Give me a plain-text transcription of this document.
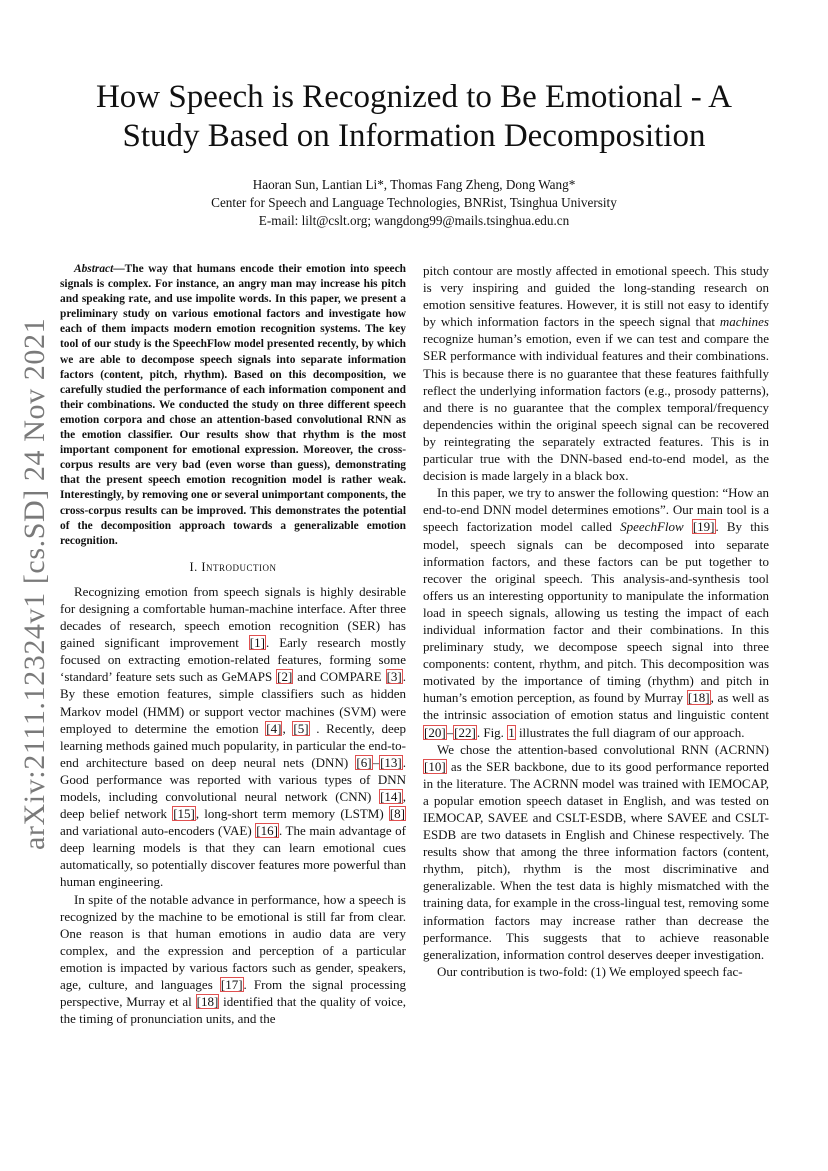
arXiv:2111.12324v1 [cs.SD] 24 Nov 2021
How Speech is Recognized to Be Emotional - A
Study Based on Information Decomposition
Haoran Sun, Lantian Li*, Thomas Fang Zheng, Dong Wang*
Center for Speech and Language Technologies, BNRist, Tsinghua University
E-mail: lilt@cslt.org; wangdong99@mails.tsinghua.edu.cn

Abstract—The way that humans encode their emotion into speech signals is complex. For instance, an angry man may increase his pitch and speaking rate, and use impolite words. In this paper, we present a preliminary study on various emotional factors and investigate how each of them impacts modern emotion recognition systems. The key tool of our study is the SpeechFlow model presented recently, by which we are able to decompose speech signals into separate information factors (content, pitch, rhythm). Based on this decomposition, we carefully studied the performance of each information component and their combinations. We conducted the study on three different speech emotion corpora and chose an attention-based convolutional RNN as the emotion classifier. Our results show that rhythm is the most important component for emotional expression. Moreover, the cross-corpus results are very bad (even worse than guess), demonstrating that the present speech emotion recognition model is rather weak. Interestingly, by removing one or several unimportant components, the cross-corpus results can be improved. This demonstrates the potential of the decomposition approach towards a generalizable emotion recognition.

I. Introduction

Recognizing emotion from speech signals is highly desirable for designing a comfortable human-machine interface. After three decades of research, speech emotion recognition (SER) has gained significant improvement [1]. Early research mostly focused on extracting emotion-related features, forming some ‘standard’ feature sets such as GeMAPS [2] and COMPARE [3]. By these emotion features, simple classifiers such as hidden Markov model (HMM) or support vector machines (SVM) were employed to determine the emotion [4], [5] . Recently, deep learning methods gained much popularity, in particular the end-to-end architecture based on deep neural nets (DNN) [6]–[13]. Good performance was reported with various types of DNN models, including convolutional neural network (CNN) [14], deep belief network [15], long-short term memory (LSTM) [8] and variational auto-encoders (VAE) [16]. The main advantage of deep learning models is that they can learn emotional cues automatically, so potentially discover features more powerful than human engineering.

In spite of the notable advance in performance, how a speech is recognized by the machine to be emotional is still far from clear. One reason is that human emotions in audio data are very complex, and the expression and perception of a particular emotion is impacted by various factors such as gender, speakers, age, culture, and languages [17]. From the signal processing perspective, Murray et al [18] identified that the quality of voice, the timing of pronunciation units, and the

pitch contour are mostly affected in emotional speech. This study is very inspiring and guided the long-standing research on emotion sensitive features. However, it is still not easy to identify by which information factors in the speech signal that machines recognize human’s emotion, even if we can test and compare the SER performance with individual features and their combinations. This is because there is no guarantee that these features faithfully reflect the underlying information factors (e.g., prosody patterns), and there is no guarantee that the complex temporal/frequency dependencies within the original speech signal can be recovered by reintegrating the separately extracted features. This is in particular true with the DNN-based end-to-end model, as the decision is made largely in a black box.

In this paper, we try to answer the following question: “How an end-to-end DNN model determines emotions”. Our main tool is a speech factorization model called SpeechFlow [19]. By this model, speech signals can be decomposed into separate information factors, and these factors can be put together to recover the original speech. This analysis-and-synthesis tool offers us an interesting opportunity to manipulate the information load in speech signals, allowing us testing the impact of each individual information factor and their combinations. In this preliminary study, we decompose speech signal into three components: content, rhythm, and pitch. This decomposition was motivated by the importance of timing (rhythm) and pitch in human’s emotion perception, as found by Murray [18], as well as the intrinsic association of emotion status and linguistic content [20]–[22]. Fig. 1 illustrates the full diagram of our approach.

We chose the attention-based convolutional RNN (ACRNN) [10] as the SER backbone, due to its good performance reported in the literature. The ACRNN model was trained with IEMOCAP, a popular emotion speech dataset in English, and was tested on IEMOCAP, SAVEE and CSLT-ESDB, where SAVEE and CSLT-ESDB are two datasets in English and Chinese respectively. The results show that among the three information factors (content, rhythm, pitch), rhythm is the most discriminative and generalizable. When the test data is highly mismatched with the training data, for example in the cross-lingual test, removing some information factors may increase rather than decrease the performance. This suggests that to achieve reasonable generalization, information control deserves deeper investigation.

Our contribution is two-fold: (1) We employed speech fac-
